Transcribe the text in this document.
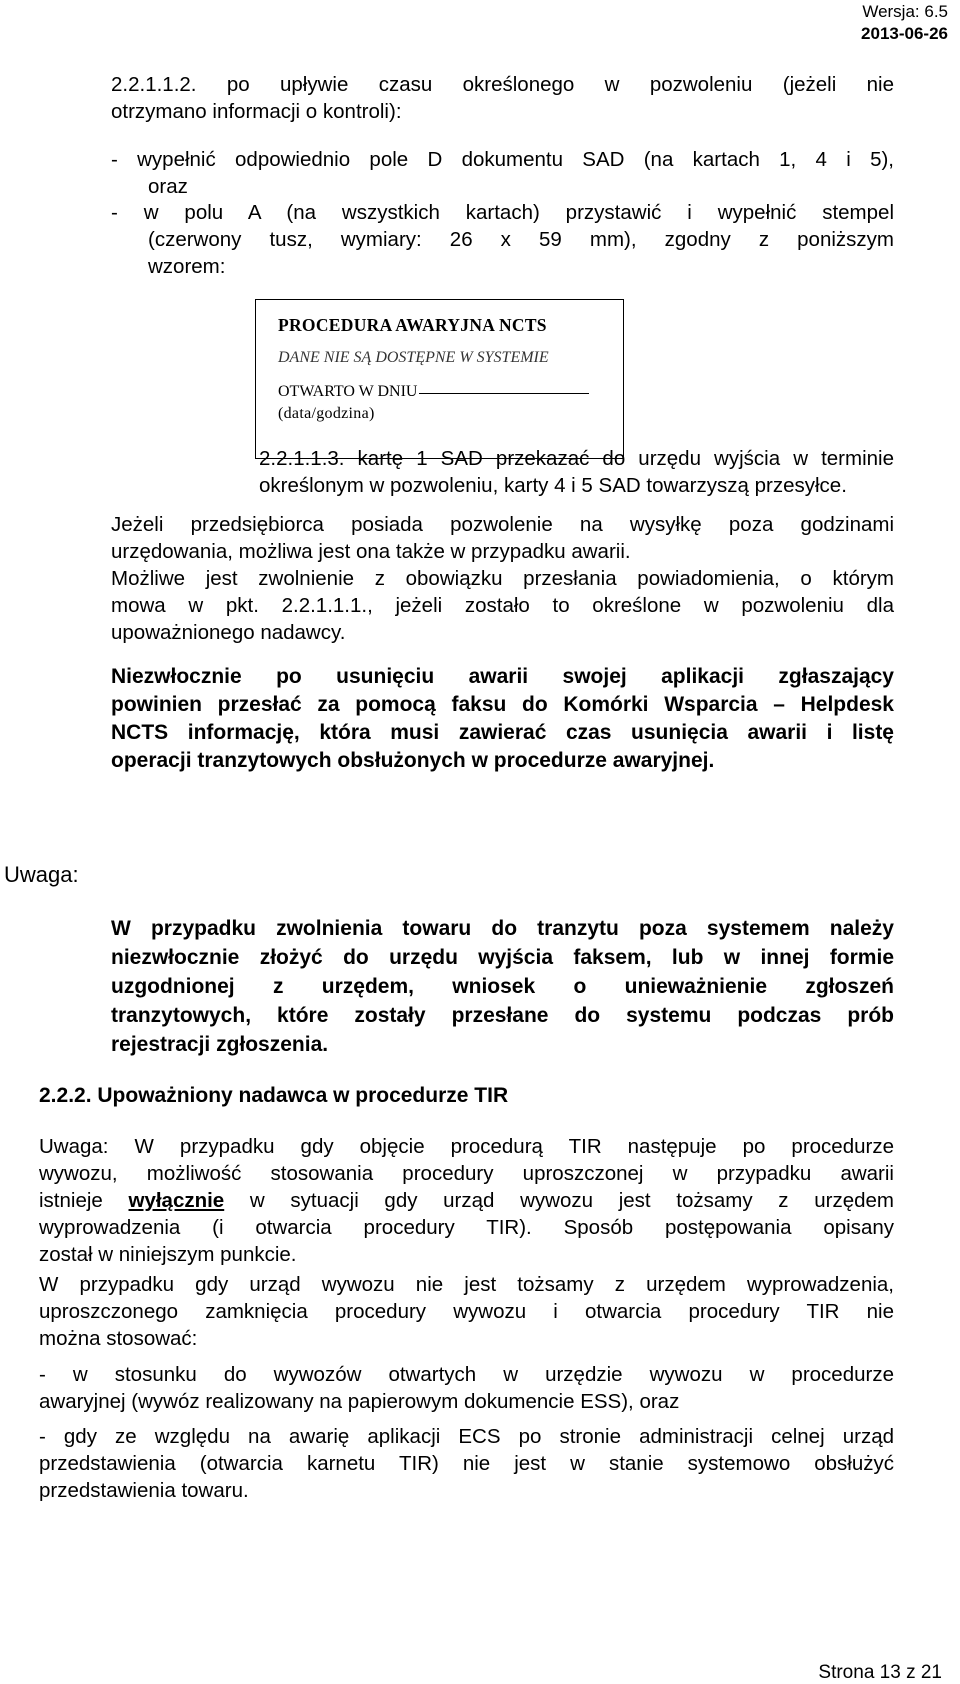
Wersja: 6.5
2013-06-26
2.2.1.1.2. po upływie czasu określonego w pozwoleniu (jeżeli nie
otrzymano informacji o kontroli):
- wypełnić odpowiednio pole D dokumentu SAD (na kartach 1, 4 i 5),
oraz
- w polu A (na wszystkich kartach) przystawić i wypełnić stempel
(czerwony tusz, wymiary: 26 x 59 mm), zgodny z poniższym
wzorem:
PROCEDURA AWARYJNA NCTS
DANE NIE SĄ DOSTĘPNE W SYSTEMIE
OTWARTO W DNIU
(data/godzina)
2.2.1.1.3. kartę 1 SAD przekazać do urzędu wyjścia w terminie
określonym w pozwoleniu, karty 4 i 5 SAD towarzyszą przesyłce.
Jeżeli przedsiębiorca posiada pozwolenie na wysyłkę poza godzinami
urzędowania, możliwa jest ona także w przypadku awarii.
Możliwe jest zwolnienie z obowiązku przesłania powiadomienia, o którym
mowa w pkt. 2.2.1.1.1., jeżeli zostało to określone w pozwoleniu dla
upoważnionego nadawcy.
Niezwłocznie po usunięciu awarii swojej aplikacji zgłaszający
powinien przesłać za pomocą faksu do Komórki Wsparcia – Helpdesk
NCTS informację, która musi zawierać czas usunięcia awarii i listę
operacji tranzytowych obsłużonych w procedurze awaryjnej.
Uwaga:
W przypadku zwolnienia towaru do tranzytu poza systemem należy
niezwłocznie złożyć do urzędu wyjścia faksem, lub w innej formie
uzgodnionej z urzędem, wniosek o unieważnienie zgłoszeń
tranzytowych, które zostały przesłane do systemu podczas prób
rejestracji zgłoszenia.
2.2.2. Upoważniony nadawca w procedurze TIR
Uwaga: W przypadku gdy objęcie procedurą TIR następuje po procedurze
wywozu, możliwość stosowania procedury uproszczonej w przypadku awarii
istnieje wyłącznie w sytuacji gdy urząd wywozu jest tożsamy z urzędem
wyprowadzenia (i otwarcia procedury TIR). Sposób postępowania opisany
został w niniejszym punkcie.
W przypadku gdy urząd wywozu nie jest tożsamy z urzędem wyprowadzenia,
uproszczonego zamknięcia procedury wywozu i otwarcia procedury TIR nie
można stosować:
- w stosunku do wywozów otwartych w urzędzie wywozu w procedurze
awaryjnej (wywóz realizowany na papierowym dokumencie ESS), oraz
- gdy ze względu na awarię aplikacji ECS po stronie administracji celnej urząd
przedstawienia (otwarcia karnetu TIR) nie jest w stanie systemowo obsłużyć
przedstawienia towaru.
Strona 13 z 21
